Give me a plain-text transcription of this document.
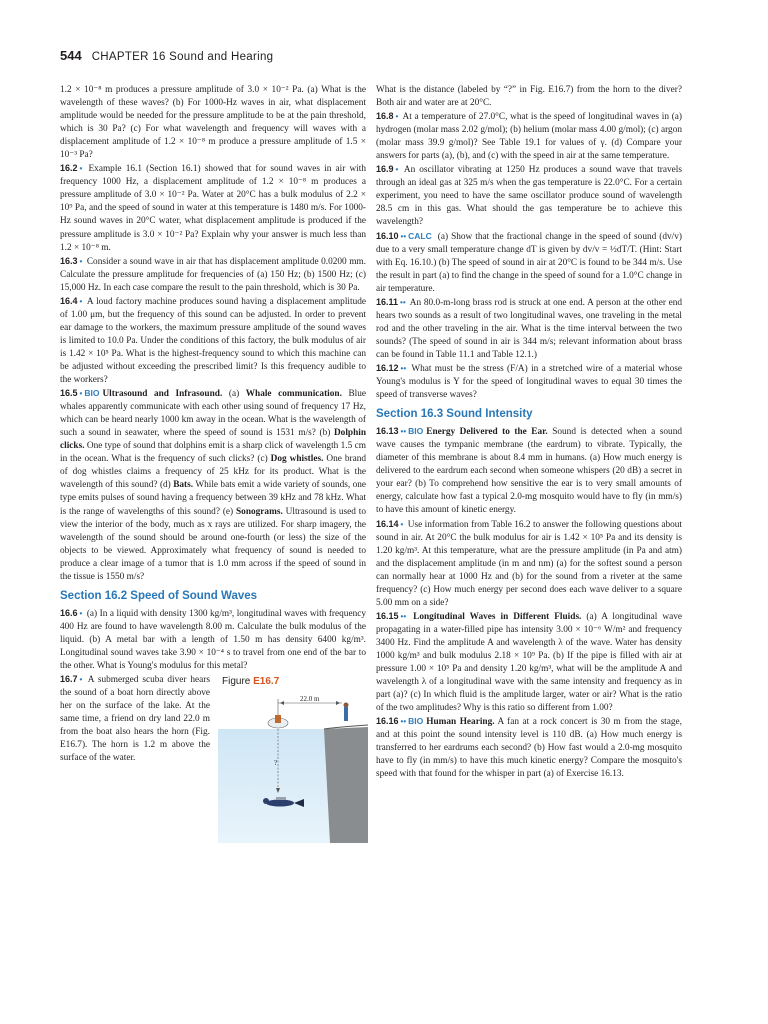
544 CHAPTER 16 Sound and Hearing

1.2 × 10⁻⁸ m produces a pressure amplitude of 3.0 × 10⁻² Pa. (a) What is the wavelength of these waves? (b) For 1000-Hz waves in air, what displacement amplitude would be needed for the pressure amplitude to be at the pain threshold, which is 30 Pa? (c) For what wavelength and frequency will waves with a displacement amplitude of 1.2 × 10⁻⁸ m produce a pressure amplitude of 1.5 × 10⁻³ Pa?

16.2 • Example 16.1 (Section 16.1) showed that for sound waves in air with frequency 1000 Hz, a displacement amplitude of 1.2 × 10⁻⁸ m produces a pressure amplitude of 3.0 × 10⁻² Pa. Water at 20°C has a bulk modulus of 2.2 × 10⁹ Pa, and the speed of sound in water at this temperature is 1480 m/s. For 1000-Hz sound waves in 20°C water, what displacement amplitude is produced if the pressure amplitude is 3.0 × 10⁻² Pa? Explain why your answer is much less than 1.2 × 10⁻⁸ m.

16.3 • Consider a sound wave in air that has displacement amplitude 0.0200 mm. Calculate the pressure amplitude for frequencies of (a) 150 Hz; (b) 1500 Hz; (c) 15,000 Hz. In each case compare the result to the pain threshold, which is 30 Pa.

16.4 • A loud factory machine produces sound having a displacement amplitude of 1.00 μm, but the frequency of this sound can be adjusted. In order to prevent ear damage to the workers, the maximum pressure amplitude of the sound waves is limited to 10.0 Pa. Under the conditions of this factory, the bulk modulus of air is 1.42 × 10⁵ Pa. What is the highest-frequency sound to which this machine can be adjusted without exceeding the prescribed limit? Is this frequency audible to the workers?

16.5 • BIO Ultrasound and Infrasound. (a) Whale communication. Blue whales apparently communicate with each other using sound of frequency 17 Hz, which can be heard nearly 1000 km away in the ocean. What is the wavelength of such a sound in seawater, where the speed of sound is 1531 m/s? (b) Dolphin clicks. One type of sound that dolphins emit is a sharp click of wavelength 1.5 cm in the ocean. What is the frequency of such clicks? (c) Dog whistles. One brand of dog whistles claims a frequency of 25 kHz for its product. What is the wavelength of this sound? (d) Bats. While bats emit a wide variety of sounds, one type emits pulses of sound having a frequency between 39 kHz and 78 kHz. What is the range of wavelengths of this sound? (e) Sonograms. Ultrasound is used to view the interior of the body, much as x rays are utilized. For sharp imagery, the wavelength of the sound should be around one-fourth (or less) the size of the objects to be viewed. Approximately what frequency of sound is needed to produce a clear image of a tumor that is 1.0 mm across if the speed of sound in the tissue is 1550 m/s?

Section 16.2 Speed of Sound Waves

16.6 • (a) In a liquid with density 1300 kg/m³, longitudinal waves with frequency 400 Hz are found to have wavelength 8.00 m. Calculate the bulk modulus of the liquid. (b) A metal bar with a length of 1.50 m has density 6400 kg/m³. Longitudinal sound waves take 3.90 × 10⁻⁴ s to travel from one end of the bar to the other. What is Young's modulus for this metal?

16.7 • A submerged scuba diver hears the sound of a boat horn directly above her on the surface of the lake. At the same time, a friend on dry land 22.0 m from the boat also hears the horn (Fig. E16.7). The horn is 1.2 m above the surface of the water.

Figure E16.7
22.0 m
?

What is the distance (labeled by “?” in Fig. E16.7) from the horn to the diver? Both air and water are at 20°C.

16.8 • At a temperature of 27.0°C, what is the speed of longitudinal waves in (a) hydrogen (molar mass 2.02 g/mol); (b) helium (molar mass 4.00 g/mol); (c) argon (molar mass 39.9 g/mol)? See Table 19.1 for values of γ. (d) Compare your answers for parts (a), (b), and (c) with the speed in air at the same temperature.

16.9 • An oscillator vibrating at 1250 Hz produces a sound wave that travels through an ideal gas at 325 m/s when the gas temperature is 22.0°C. For a certain experiment, you need to have the same oscillator produce sound of wavelength 28.5 cm in this gas. What should the gas temperature be to achieve this wavelength?

16.10 •• CALC (a) Show that the fractional change in the speed of sound (dv/v) due to a very small temperature change dT is given by dv/v = ½dT/T. (Hint: Start with Eq. 16.10.) (b) The speed of sound in air at 20°C is found to be 344 m/s. Use the result in part (a) to find the change in the speed of sound for a 1.0°C change in air temperature.

16.11 •• An 80.0-m-long brass rod is struck at one end. A person at the other end hears two sounds as a result of two longitudinal waves, one traveling in the metal rod and the other traveling in the air. What is the time interval between the two sounds? (The speed of sound in air is 344 m/s; relevant information about brass can be found in Table 11.1 and Table 12.1.)

16.12 •• What must be the stress (F/A) in a stretched wire of a material whose Young's modulus is Y for the speed of longitudinal waves to equal 30 times the speed of transverse waves?

Section 16.3 Sound Intensity

16.13 •• BIO Energy Delivered to the Ear. Sound is detected when a sound wave causes the tympanic membrane (the eardrum) to vibrate. Typically, the diameter of this membrane is about 8.4 mm in humans. (a) How much energy is delivered to the eardrum each second when someone whispers (20 dB) a secret in your ear? (b) To comprehend how sensitive the ear is to very small amounts of energy, calculate how fast a typical 2.0-mg mosquito would have to fly (in mm/s) to have this amount of kinetic energy.

16.14 • Use information from Table 16.2 to answer the following questions about sound in air. At 20°C the bulk modulus for air is 1.42 × 10⁵ Pa and its density is 1.20 kg/m³. At this temperature, what are the pressure amplitude (in Pa and atm) and the displacement amplitude (in m and nm) (a) for the softest sound a person can normally hear at 1000 Hz and (b) for the sound from a riveter at the same frequency? (c) How much energy per second does each wave deliver to a square 5.00 mm on a side?

16.15 •• Longitudinal Waves in Different Fluids. (a) A longitudinal wave propagating in a water-filled pipe has intensity 3.00 × 10⁻⁶ W/m² and frequency 3400 Hz. Find the amplitude A and wavelength λ of the wave. Water has density 1000 kg/m³ and bulk modulus 2.18 × 10⁹ Pa. (b) If the pipe is filled with air at pressure 1.00 × 10⁵ Pa and density 1.20 kg/m³, what will be the amplitude A and wavelength λ of a longitudinal wave with the same intensity and frequency as in part (a)? (c) In which fluid is the amplitude larger, water or air? What is the ratio of the two amplitudes? Why is this ratio so different from 1.00?

16.16 •• BIO Human Hearing. A fan at a rock concert is 30 m from the stage, and at this point the sound intensity level is 110 dB. (a) How much energy is transferred to her eardrums each second? (b) How fast would a 2.0-mg mosquito have to fly (in mm/s) to have this much kinetic energy? Compare the mosquito's speed with that found for the whisper in part (a) of Exercise 16.13.
